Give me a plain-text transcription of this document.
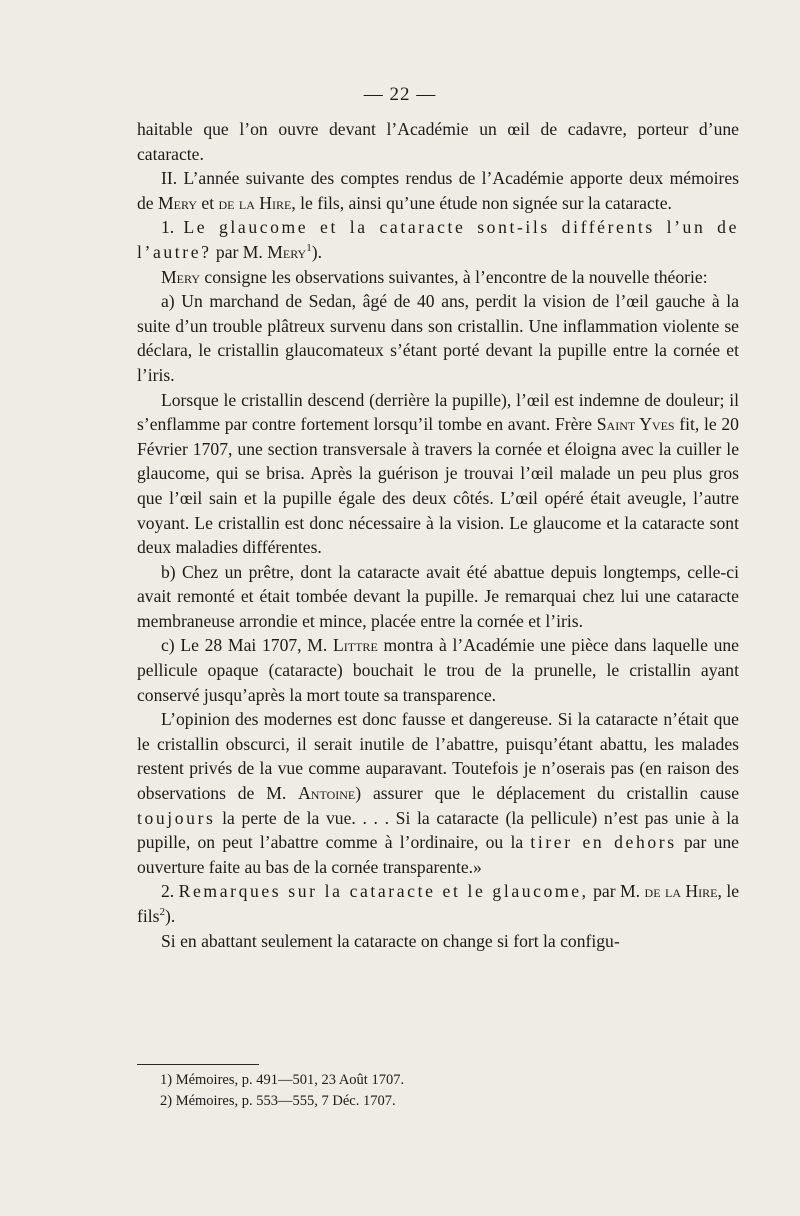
— 22 —

haitable que l’on ouvre devant l’Académie un œil de cadavre, porteur d’une cataracte.

II. L’année suivante des comptes rendus de l’Académie apporte deux mémoires de Mery et de la Hire, le fils, ainsi qu’une étude non signée sur la cataracte.

1. Le glaucome et la cataracte sont-ils différents l’un de l’autre? par M. Mery$^1$).

Mery consigne les observations suivantes, à l’encontre de la nouvelle théorie:

a) Un marchand de Sedan, âgé de 40 ans, perdit la vision de l’œil gauche à la suite d’un trouble plâtreux survenu dans son cristallin. Une inflammation violente se déclara, le cristallin glaucomateux s’étant porté devant la pupille entre la cornée et l’iris.

Lorsque le cristallin descend (derrière la pupille), l’œil est indemne de douleur; il s’enflamme par contre fortement lorsqu’il tombe en avant. Frère Saint Yves fit, le 20 Février 1707, une section transversale à travers la cornée et éloigna avec la cuiller le glaucome, qui se brisa. Après la guérison je trouvai l’œil malade un peu plus gros que l’œil sain et la pupille égale des deux côtés. L’œil opéré était aveugle, l’autre voyant. Le cristallin est donc nécessaire à la vision. Le glaucome et la cataracte sont deux maladies différentes.

b) Chez un prêtre, dont la cataracte avait été abattue depuis longtemps, celle-ci avait remonté et était tombée devant la pupille. Je remarquai chez lui une cataracte membraneuse arrondie et mince, placée entre la cornée et l’iris.

c) Le 28 Mai 1707, M. Littre montra à l’Académie une pièce dans laquelle une pellicule opaque (cataracte) bouchait le trou de la prunelle, le cristallin ayant conservé jusqu’après la mort toute sa transparence.

L’opinion des modernes est donc fausse et dangereuse. Si la cataracte n’était que le cristallin obscurci, il serait inutile de l’abattre, puisqu’étant abattu, les malades restent privés de la vue comme auparavant. Toutefois je n’oserais pas (en raison des observations de M. Antoine) assurer que le déplacement du cristallin cause toujours la perte de la vue. . . . Si la cataracte (la pellicule) n’est pas unie à la pupille, on peut l’abattre comme à l’ordinaire, ou la tirer en dehors par une ouverture faite au bas de la cornée transparente.»

2. Remarques sur la cataracte et le glaucome, par M. de la Hire, le fils$^2$).

Si en abattant seulement la cataracte on change si fort la configu-

1) Mémoires, p. 491—501, 23 Août 1707.
2) Mémoires, p. 553—555, 7 Déc. 1707.
